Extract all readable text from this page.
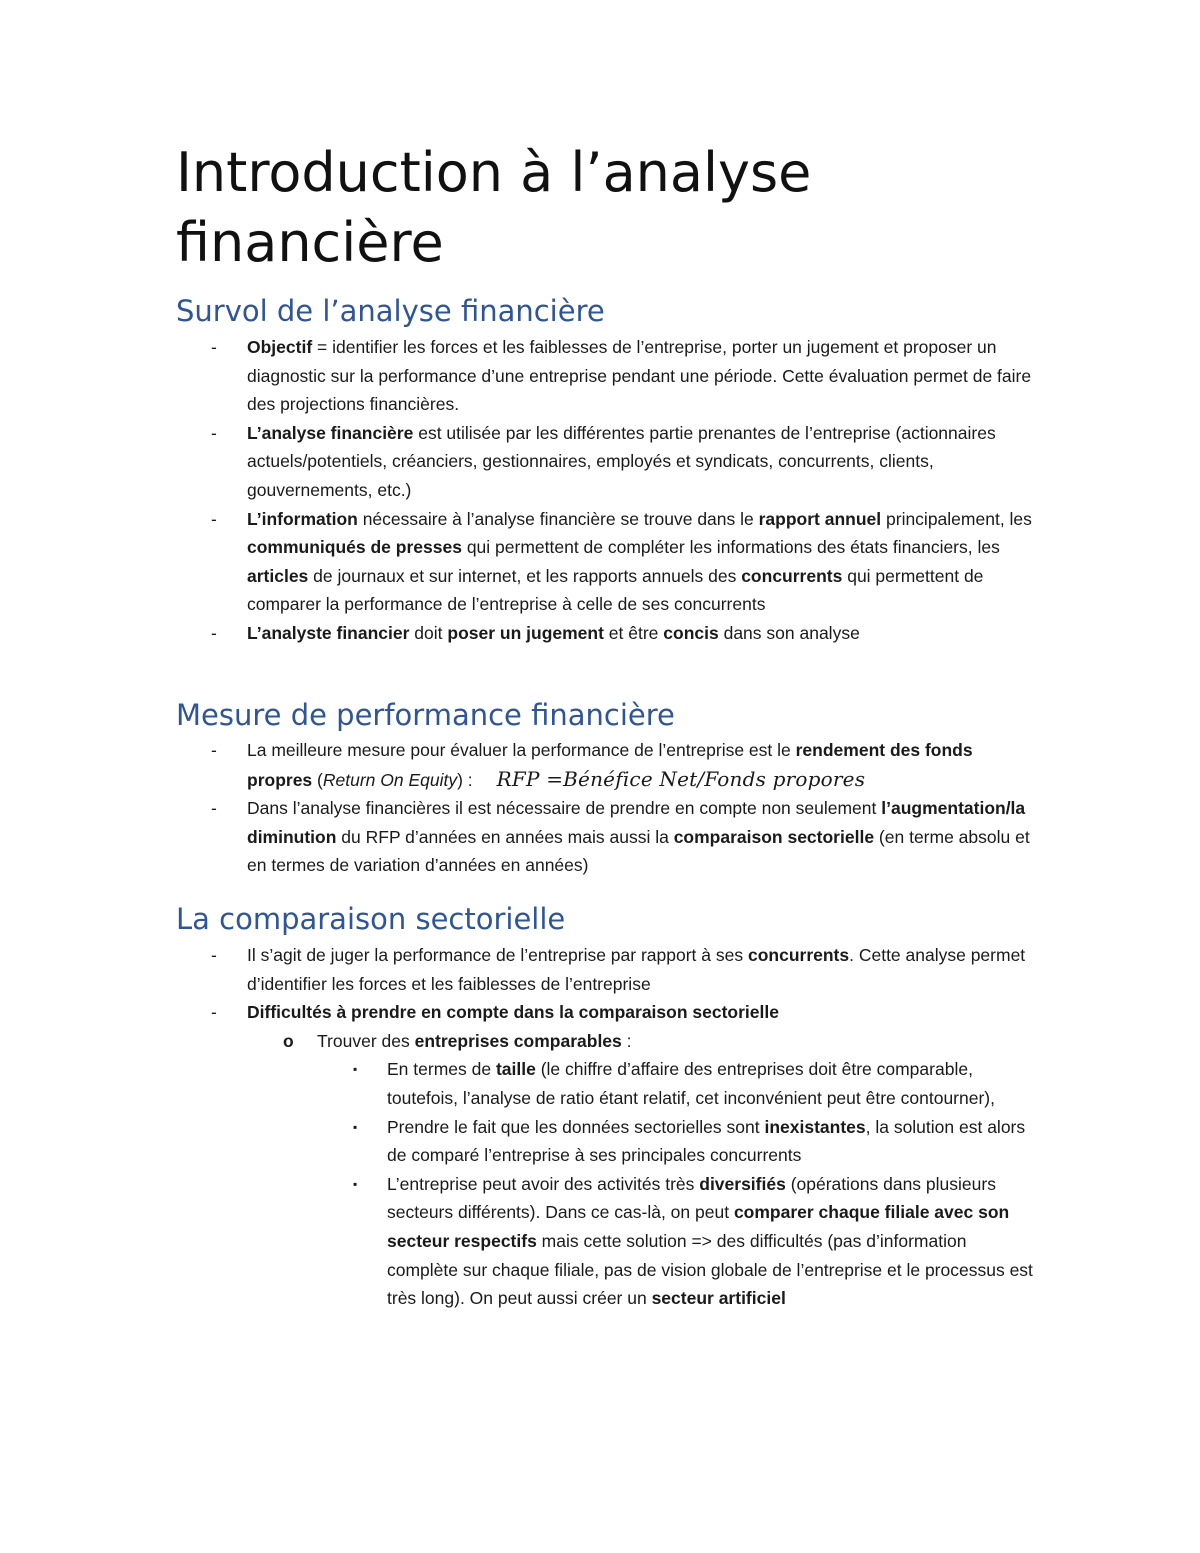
Introduction à l’analyse financière
Survol de l’analyse financière
-	Objectif = identifier les forces et les faiblesses de l’entreprise, porter un jugement et proposer un diagnostic sur la performance d’une entreprise pendant une période. Cette évaluation permet de faire des projections financières.
-	L’analyse financière est utilisée par les différentes partie prenantes de l’entreprise (actionnaires actuels/potentiels, créanciers, gestionnaires, employés et syndicats, concurrents, clients, gouvernements, etc.)
-	L’information nécessaire à l’analyse financière se trouve dans le rapport annuel principalement, les communiqués de presses qui permettent de compléter les informations des états financiers, les articles de journaux et sur internet, et les rapports annuels des concurrents qui permettent de comparer la performance de l’entreprise à celle de ses concurrents
-	L’analyste financier doit poser un jugement et être concis dans son analyse
Mesure de performance financière
-	La meilleure mesure pour évaluer la performance de l’entreprise est le rendement des fonds propres (Return On Equity) : RFP =Bénéfice Net/Fonds propores
-	Dans l’analyse financières il est nécessaire de prendre en compte non seulement l’augmentation/la diminution du RFP d’années en années mais aussi la comparaison sectorielle (en terme absolu et en termes de variation d’années en années)
La comparaison sectorielle
-	Il s’agit de juger la performance de l’entreprise par rapport à ses concurrents. Cette analyse permet d’identifier les forces et les faiblesses de l’entreprise
-	Difficultés à prendre en compte dans la comparaison sectorielle
o	Trouver des entreprises comparables :
▪	En termes de taille (le chiffre d’affaire des entreprises doit être comparable, toutefois, l’analyse de ratio étant relatif, cet inconvénient peut être contourner),
▪	Prendre le fait que les données sectorielles sont inexistantes, la solution est alors de comparé l’entreprise à ses principales concurrents
▪	L’entreprise peut avoir des activités très diversifiés (opérations dans plusieurs secteurs différents). Dans ce cas-là, on peut comparer chaque filiale avec son secteur respectifs mais cette solution => des difficultés (pas d’information complète sur chaque filiale, pas de vision globale de l’entreprise et le processus est très long). On peut aussi créer un secteur artificiel
